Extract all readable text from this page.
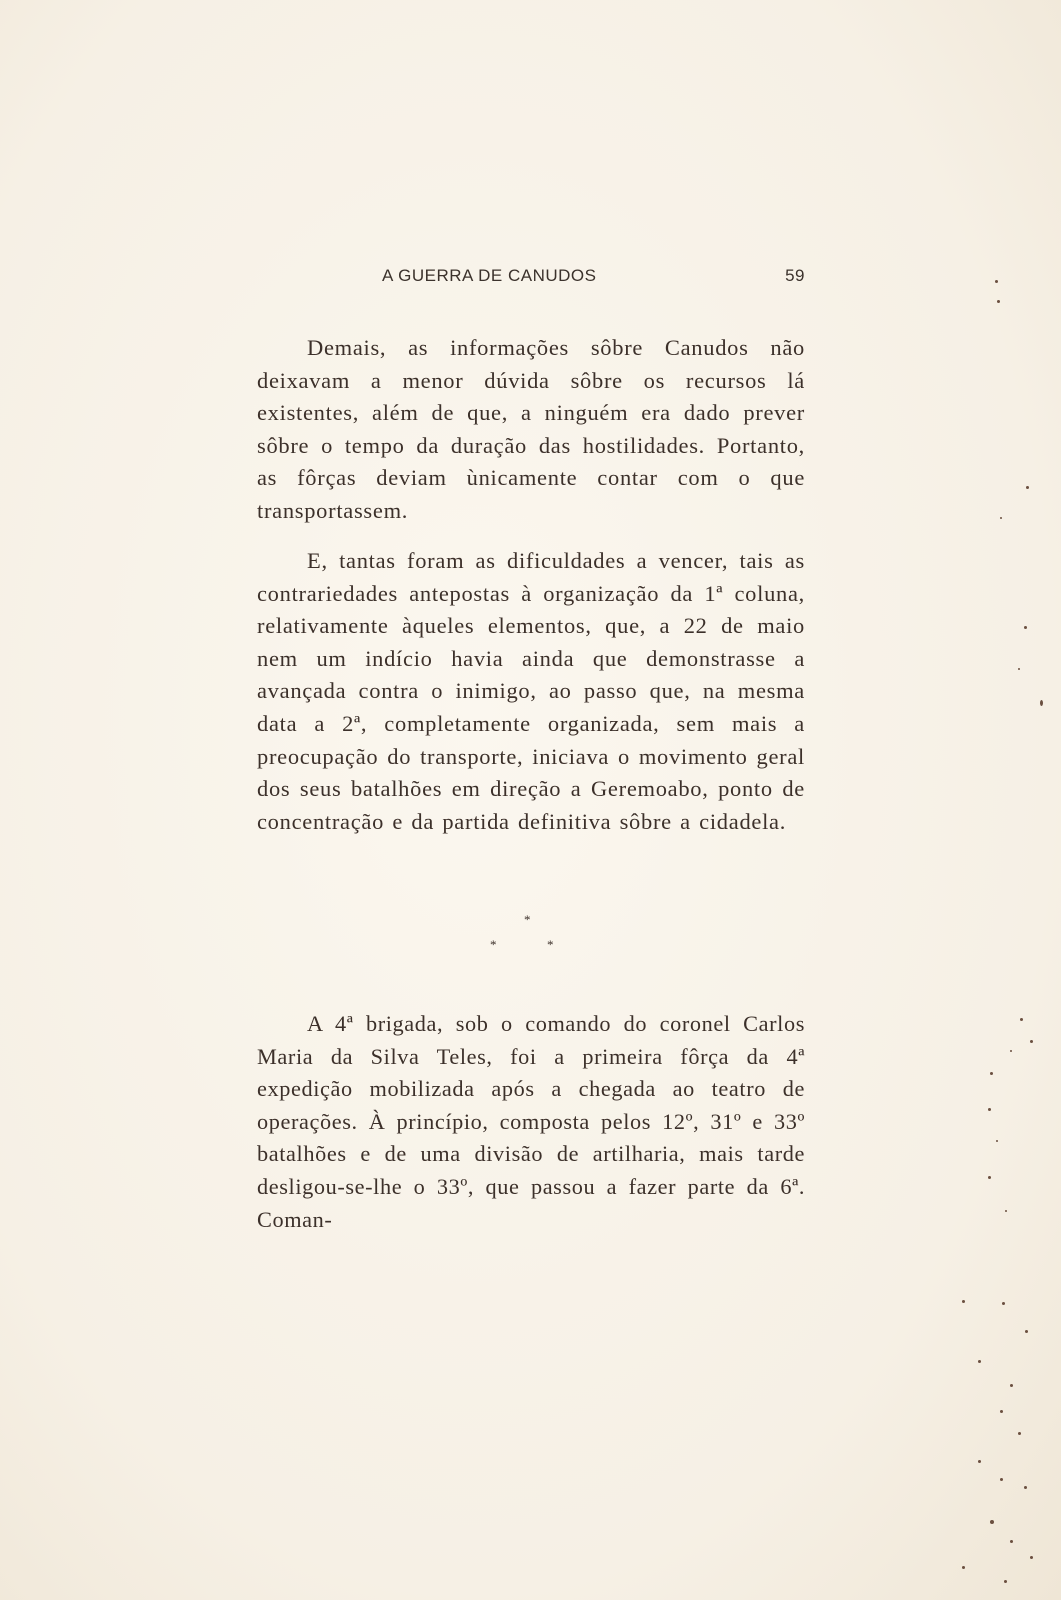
A GUERRA DE CANUDOS	59

Demais, as informações sôbre Canudos não deixavam a menor dúvida sôbre os recursos lá existentes, além de que, a ninguém era dado prever sôbre o tempo da duração das hostilidades. Portanto, as fôrças deviam ùnicamente contar com o que transportassem.

E, tantas foram as dificuldades a vencer, tais as contrariedades antepostas à organização da 1ª coluna, relativamente àqueles elementos, que, a 22 de maio nem um indício havia ainda que demonstrasse a avançada contra o inimigo, ao passo que, na mesma data a 2ª, completamente organizada, sem mais a preocupação do transporte, iniciava o movimento geral dos seus batalhões em direção a Geremoabo, ponto de concentração e da partida definitiva sôbre a cidadela.

*
*	*

A 4ª brigada, sob o comando do coronel Carlos Maria da Silva Teles, foi a primeira fôrça da 4ª expedição mobilizada após a chegada ao teatro de operações. À princípio, composta pelos 12º, 31º e 33º batalhões e de uma divisão de artilharia, mais tarde desligou-se-lhe o 33º, que passou a fazer parte da 6ª. Coman-
